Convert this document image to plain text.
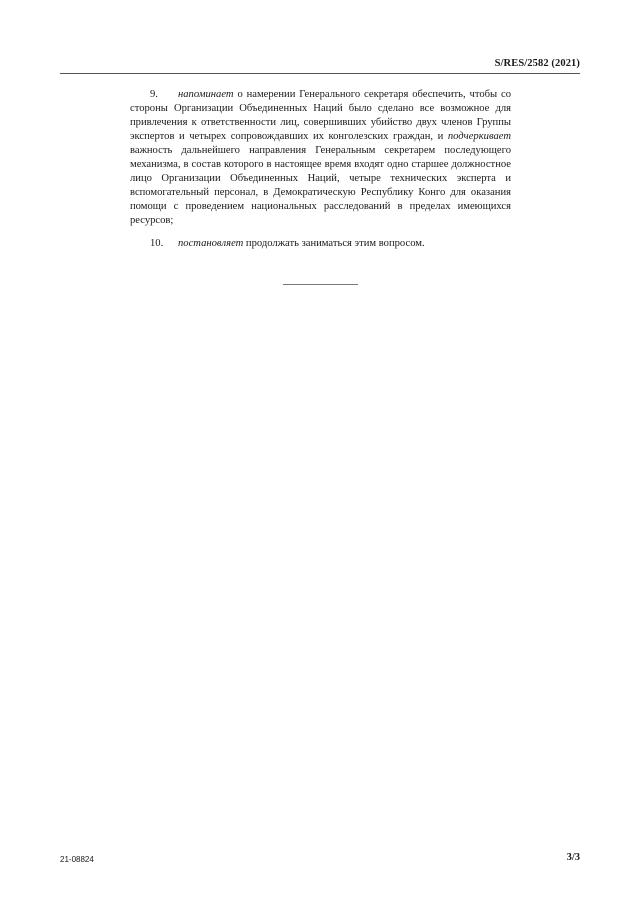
S/RES/2582 (2021)

9. напоминает о намерении Генерального секретаря обеспечить, чтобы со стороны Организации Объединенных Наций было сделано все возможное для привлечения к ответственности лиц, совершивших убийство двух членов Группы экспертов и четырех сопровождавших их конголезских граждан, и подчеркивает важность дальнейшего направления Генеральным секретарем последующего механизма, в состав которого в настоящее время входят одно старшее должностное лицо Организации Объединенных Наций, четыре технических эксперта и вспомогательный персонал, в Демократическую Республику Конго для оказания помощи с проведением национальных расследований в пределах имеющихся ресурсов;

10. постановляет продолжать заниматься этим вопросом.

21-08824	3/3
